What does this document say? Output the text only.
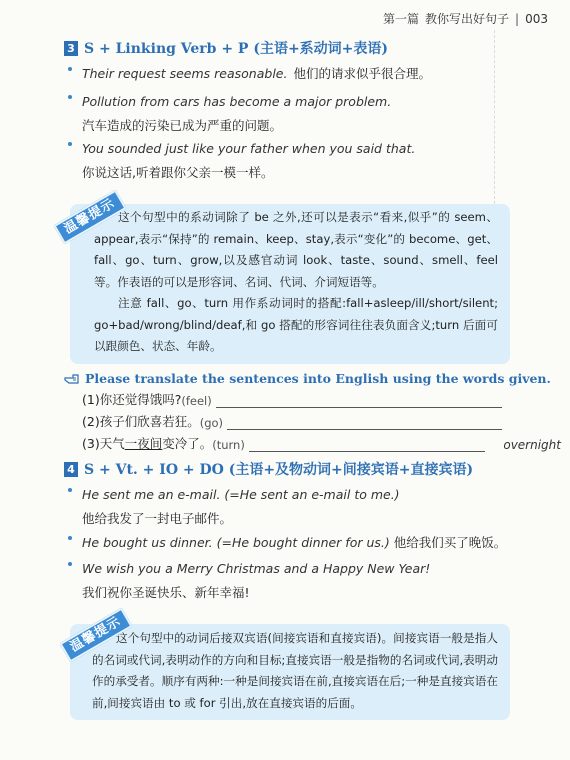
第一篇 教你写出好句子 | 003
3 S + Linking Verb + P (主语+系动词+表语)
Their request seems reasonable. 他们的请求似乎很合理。
Pollution from cars has become a major problem.
汽车造成的污染已成为严重的问题。
You sounded just like your father when you said that.
你说这话,听着跟你父亲一模一样。
这个句型中的系动词除了 be 之外,还可以是表示“看来,似乎”的 seem、appear,表示“保持”的 remain、keep、stay,表示“变化”的 become、get、fall、go、turn、grow,以及感官动词 look、taste、sound、smell、feel 等。作表语的可以是形容词、名词、代词、介词短语等。
注意 fall、go、turn 用作系动词时的搭配:fall+asleep/ill/short/silent; go+bad/wrong/blind/deaf,和 go 搭配的形容词往往表负面含义;turn 后面可以跟颜色、状态、年龄。
温馨提示
Please translate the sentences into English using the words given.
(1)你还觉得饿吗? (feel)
(2)孩子们欣喜若狂。 (go)
(3)天气 一夜间 变冷了。 (turn)	overnight
4 S + Vt. + IO + DO (主语+及物动词+间接宾语+直接宾语)
He sent me an e-mail. (=He sent an e-mail to me.)
他给我发了一封电子邮件。
He bought us dinner. (=He bought dinner for us.) 他给我们买了晚饭。
We wish you a Merry Christmas and a Happy New Year!
我们祝你圣诞快乐、新年幸福!
这个句型中的动词后接双宾语(间接宾语和直接宾语)。间接宾语一般是指人的名词或代词,表明动作的方向和目标;直接宾语一般是指物的名词或代词,表明动作的承受者。顺序有两种:一种是间接宾语在前,直接宾语在后;一种是直接宾语在前,间接宾语由 to 或 for 引出,放在直接宾语的后面。
温馨提示
